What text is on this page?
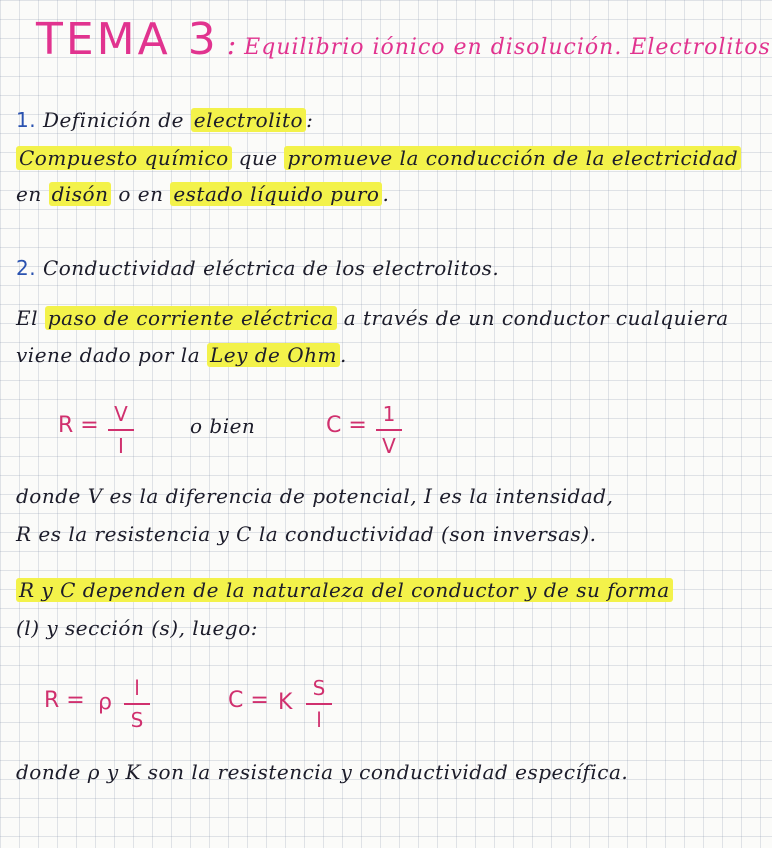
TEMA 3 : Equilibrio iónico en disolución. Electrolitos
1. Definición de electrolito :
Compuesto químico que promueve la conducción de la electricidad
en disón o en estado líquido puro .
2. Conductividad eléctrica de los electrolitos.
El paso de corriente eléctrica a través de un conductor cualquiera
viene dado por la Ley de Ohm .
R = V
I
o bien	C = 1
V
donde V es la diferencia de potencial, I es la intensidad,
R es la resistencia y C la conductividad (son inversas).
R y C dependen de la naturaleza del conductor y de su forma
(l) y sección (s), luego:
R = ρ
l
S
C = K
S
l
donde ρ y K son la resistencia y conductividad específica.
